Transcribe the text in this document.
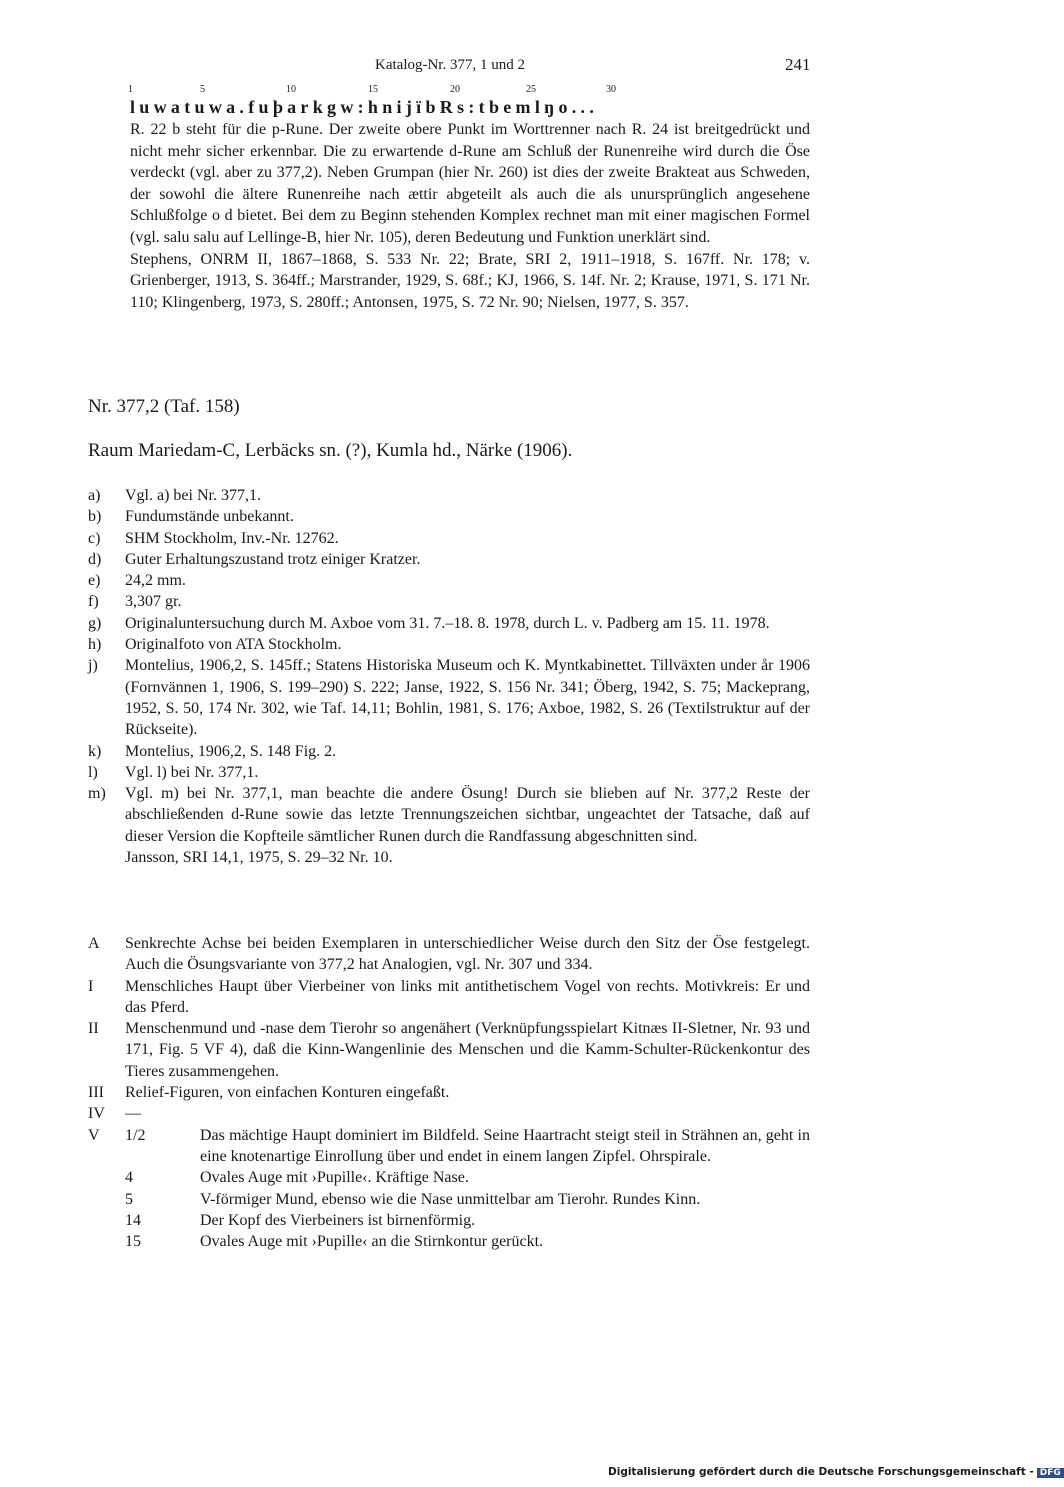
Katalog-Nr. 377, 1 und 2	241
1	5	10	15	20	25	30
luwatuwa.fuþarkgw:hnijïbRs:tbemlŋo...

R. 22 b steht für die p-Rune. Der zweite obere Punkt im Worttrenner nach R. 24 ist breitgedrückt und nicht mehr sicher erkennbar. Die zu erwartende d-Rune am Schluß der Runenreihe wird durch die Öse verdeckt (vgl. aber zu 377,2). Neben Grumpan (hier Nr. 260) ist dies der zweite Brakteat aus Schweden, der sowohl die ältere Runenreihe nach ættir abgeteilt als auch die als unursprünglich angesehene Schlußfolge o d bietet. Bei dem zu Beginn stehenden Komplex rechnet man mit einer magischen Formel (vgl. salu salu auf Lellinge-B, hier Nr. 105), deren Bedeutung und Funktion unerklärt sind.

Stephens, ONRM II, 1867–1868, S. 533 Nr. 22; Brate, SRI 2, 1911–1918, S. 167ff. Nr. 178; v. Grienberger, 1913, S. 364ff.; Marstrander, 1929, S. 68f.; KJ, 1966, S. 14f. Nr. 2; Krause, 1971, S. 171 Nr. 110; Klingenberg, 1973, S. 280ff.; Antonsen, 1975, S. 72 Nr. 90; Nielsen, 1977, S. 357.

Nr. 377,2 (Taf. 158)
Raum Mariedam-C, Lerbäcks sn. (?), Kumla hd., Närke (1906).
a)	Vgl. a) bei Nr. 377,1.
b)	Fundumstände unbekannt.
c)	SHM Stockholm, Inv.-Nr. 12762.
d)	Guter Erhaltungszustand trotz einiger Kratzer.
e)	24,2 mm.
f)	3,307 gr.
g)	Originaluntersuchung durch M. Axboe vom 31. 7.–18. 8. 1978, durch L. v. Padberg am 15. 11. 1978.
h)	Originalfoto von ATA Stockholm.
j)	Montelius, 1906,2, S. 145ff.; Statens Historiska Museum och K. Myntkabinettet. Tillväxten under år 1906 (Fornvännen 1, 1906, S. 199–290) S. 222; Janse, 1922, S. 156 Nr. 341; Öberg, 1942, S. 75; Mackeprang, 1952, S. 50, 174 Nr. 302, wie Taf. 14,11; Bohlin, 1981, S. 176; Axboe, 1982, S. 26 (Textilstruktur auf der Rückseite).
k)	Montelius, 1906,2, S. 148 Fig. 2.
l)	Vgl. l) bei Nr. 377,1.
m)	Vgl. m) bei Nr. 377,1, man beachte die andere Ösung! Durch sie blieben auf Nr. 377,2 Reste der abschließenden d-Rune sowie das letzte Trennungszeichen sichtbar, ungeachtet der Tatsache, daß auf dieser Version die Kopfteile sämtlicher Runen durch die Randfassung abgeschnitten sind.
Jansson, SRI 14,1, 1975, S. 29–32 Nr. 10.
A	Senkrechte Achse bei beiden Exemplaren in unterschiedlicher Weise durch den Sitz der Öse festgelegt. Auch die Ösungsvariante von 377,2 hat Analogien, vgl. Nr. 307 und 334.
I	Menschliches Haupt über Vierbeiner von links mit antithetischem Vogel von rechts. Motivkreis: Er und das Pferd.
II	Menschenmund und -nase dem Tierohr so angenähert (Verknüpfungsspielart Kitnæs II-Sletner, Nr. 93 und 171, Fig. 5 VF 4), daß die Kinn-Wangenlinie des Menschen und die Kamm-Schulter-Rückenkontur des Tieres zusammengehen.
III	Relief-Figuren, von einfachen Konturen eingefaßt.
IV	—
V	1/2	Das mächtige Haupt dominiert im Bildfeld. Seine Haartracht steigt steil in Strähnen an, geht in eine knotenartige Einrollung über und endet in einem langen Zipfel. Ohrspirale.
4	Ovales Auge mit ›Pupille‹. Kräftige Nase.
5	V-förmiger Mund, ebenso wie die Nase unmittelbar am Tierohr. Rundes Kinn.
14	Der Kopf des Vierbeiners ist birnenförmig.
15	Ovales Auge mit ›Pupille‹ an die Stirnkontur gerückt.
Digitalisierung gefördert durch die Deutsche Forschungsgemeinschaft - DFG
